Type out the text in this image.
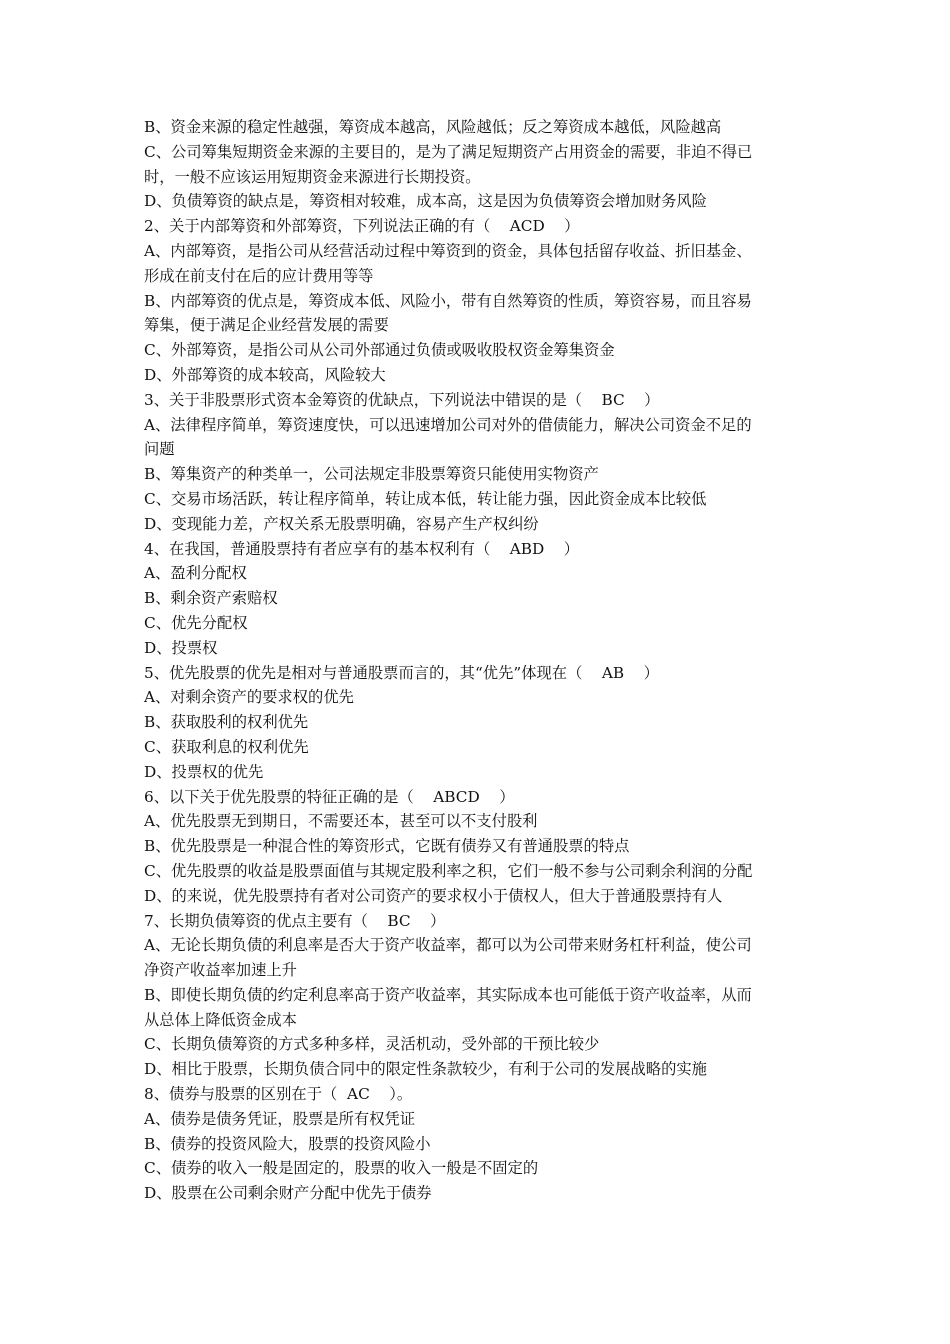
B、资金来源的稳定性越强，筹资成本越高，风险越低；反之筹资成本越低，风险越高
C、公司筹集短期资金来源的主要目的，是为了满足短期资产占用资金的需要，非迫不得已
时，一般不应该运用短期资金来源进行长期投资。
D、负债筹资的缺点是，筹资相对较难，成本高，这是因为负债筹资会增加财务风险
2、关于内部筹资和外部筹资，下列说法正确的有（    ACD    ）
A、内部筹资，是指公司从经营活动过程中筹资到的资金，具体包括留存收益、折旧基金、
形成在前支付在后的应计费用等等
B、内部筹资的优点是，筹资成本低、风险小，带有自然筹资的性质，筹资容易，而且容易
筹集，便于满足企业经营发展的需要
C、外部筹资，是指公司从公司外部通过负债或吸收股权资金筹集资金
D、外部筹资的成本较高，风险较大
3、关于非股票形式资本金筹资的优缺点，下列说法中错误的是（    BC    ）
A、法律程序简单，筹资速度快，可以迅速增加公司对外的借债能力，解决公司资金不足的
问题
B、筹集资产的种类单一，公司法规定非股票筹资只能使用实物资产
C、交易市场活跃，转让程序简单，转让成本低，转让能力强，因此资金成本比较低
D、变现能力差，产权关系无股票明确，容易产生产权纠纷
4、在我国，普通股票持有者应享有的基本权利有（    ABD    ）
A、盈利分配权
B、剩余资产索赔权
C、优先分配权
D、投票权
5、优先股票的优先是相对与普通股票而言的，其“优先”体现在（    AB    ）
A、对剩余资产的要求权的优先
B、获取股利的权利优先
C、获取利息的权利优先
D、投票权的优先
6、以下关于优先股票的特征正确的是（    ABCD    ）
A、优先股票无到期日，不需要还本，甚至可以不支付股利
B、优先股票是一种混合性的筹资形式，它既有债券又有普通股票的特点
C、优先股票的收益是股票面值与其规定股利率之积，它们一般不参与公司剩余利润的分配
D、的来说，优先股票持有者对公司资产的要求权小于债权人，但大于普通股票持有人
7、长期负债筹资的优点主要有（    BC    ）
A、无论长期负债的利息率是否大于资产收益率，都可以为公司带来财务杠杆利益，使公司
净资产收益率加速上升
B、即使长期负债的约定利息率高于资产收益率，其实际成本也可能低于资产收益率，从而
从总体上降低资金成本
C、长期负债筹资的方式多种多样，灵活机动，受外部的干预比较少
D、相比于股票，长期负债合同中的限定性条款较少，有利于公司的发展战略的实施
8、债券与股票的区别在于（  AC    ）。
A、债券是债务凭证，股票是所有权凭证
B、债券的投资风险大，股票的投资风险小
C、债券的收入一般是固定的，股票的收入一般是不固定的
D、股票在公司剩余财产分配中优先于债券
